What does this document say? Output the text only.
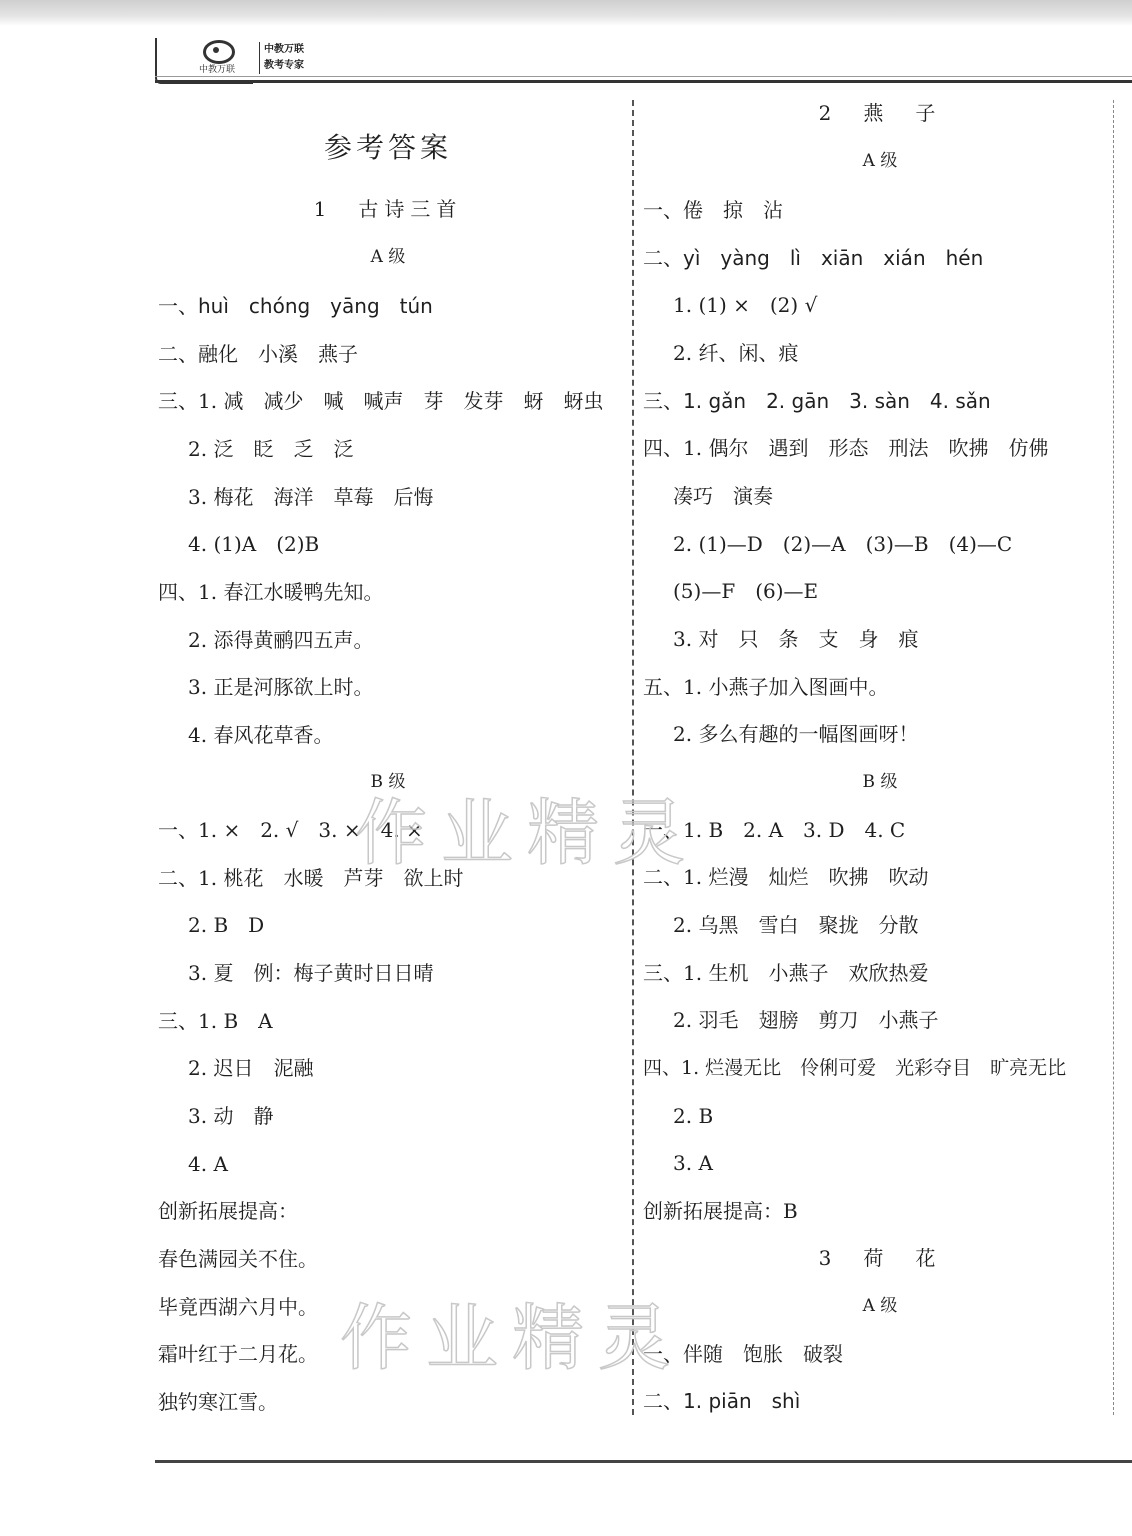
中教万联
中教万联
教考专家
参考答案
1　古诗三首
A 级
一、huì　chóng　yāng　tún
二、融化　小溪　燕子
三、1. 减　减少　喊　喊声　芽　发芽　蚜　蚜虫
2. 泛　眨　乏　泛
3. 梅花　海洋　草莓　后悔
4. (1)A　(2)B
四、1. 春江水暖鸭先知。
2. 添得黄鹂四五声。
3. 正是河豚欲上时。
4. 春风花草香。
B 级
一、1. ×　2. √　3. ×　4. ×
二、1. 桃花　水暖　芦芽　欲上时
2. B　D
3. 夏　例：梅子黄时日日晴
三、1. B　A
2. 迟日　泥融
3. 动　静
4. A
创新拓展提高：
春色满园关不住。
毕竟西湖六月中。
霜叶红于二月花。
独钓寒江雪。
2　燕　子
A 级
一、倦　掠　沾
二、yì　yàng　lì　xiān　xián　hén
1. (1) ×　(2) √
2. 纤、闲、痕
三、1. gǎn　2. gān　3. sàn　4. sǎn
四、1. 偶尔　遇到　形态　刑法　吹拂　仿佛
凑巧　演奏
2. (1)—D　(2)—A　(3)—B　(4)—C
(5)—F　(6)—E
3. 对　只　条　支　身　痕
五、1. 小燕子加入图画中。
2. 多么有趣的一幅图画呀！
B 级
一、1. B　2. A　3. D　4. C
二、1. 烂漫　灿烂　吹拂　吹动
2. 乌黑　雪白　聚拢　分散
三、1. 生机　小燕子　欢欣热爱
2. 羽毛　翅膀　剪刀　小燕子
四、1. 烂漫无比　伶俐可爱　光彩夺目　旷亮无比
2. B
3. A
创新拓展提高：B
3　荷　花
A 级
一、伴随　饱胀　破裂
二、1. piān　shì
作业精灵
作业精灵
